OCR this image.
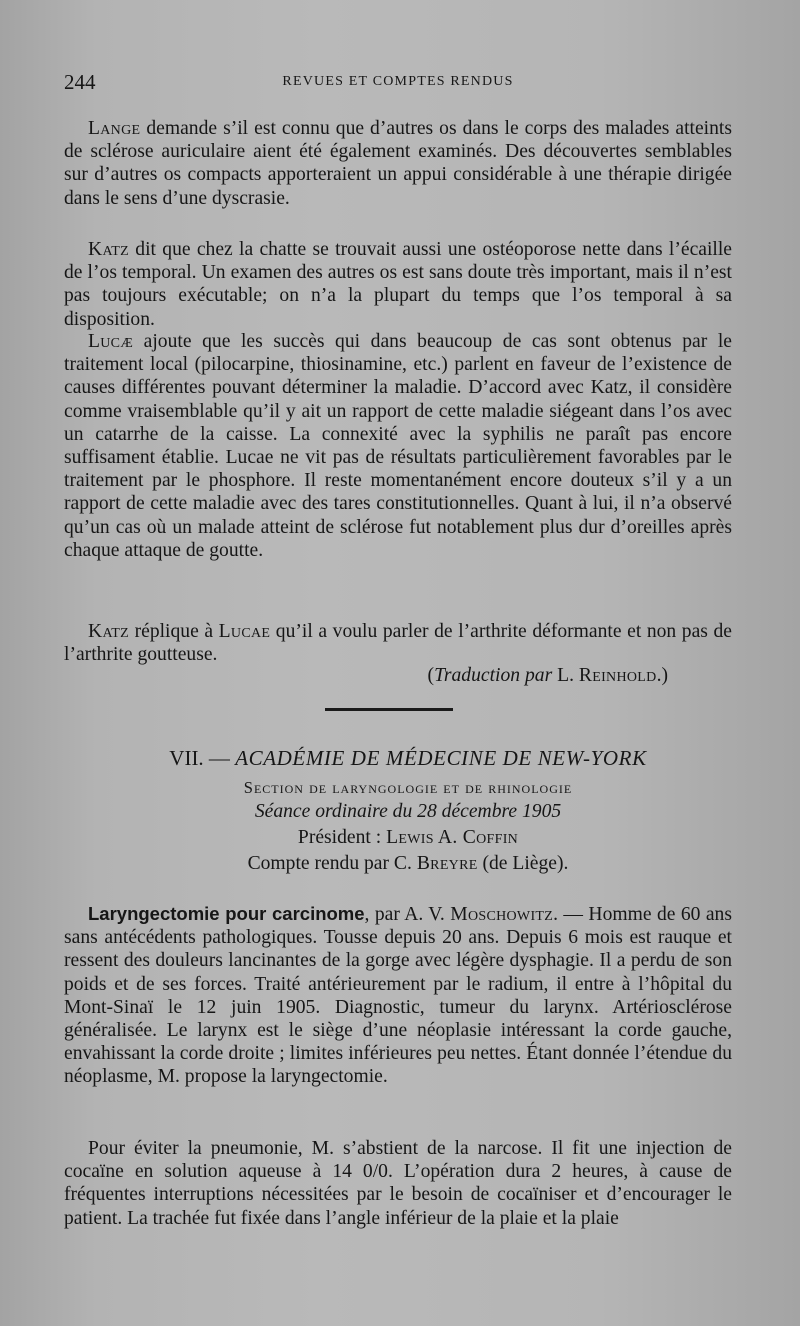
244	REVUES ET COMPTES RENDUS

Lange demande s’il est connu que d’autres os dans le corps des malades atteints de sclérose auriculaire aient été également examinés. Des découvertes semblables sur d’autres os compacts apporteraient un appui considérable à une thérapie dirigée dans le sens d’une dyscrasie.

Katz dit que chez la chatte se trouvait aussi une ostéoporose nette dans l’écaille de l’os temporal. Un examen des autres os est sans doute très important, mais il n’est pas toujours exécutable; on n’a la plupart du temps que l’os temporal à sa disposition.

Lucæ ajoute que les succès qui dans beaucoup de cas sont obtenus par le traitement local (pilocarpine, thiosinamine, etc.) parlent en faveur de l’existence de causes différentes pouvant déterminer la maladie. D’accord avec Katz, il considère comme vraisemblable qu’il y ait un rapport de cette maladie siégeant dans l’os avec un catarrhe de la caisse. La connexité avec la syphilis ne paraît pas encore suffisament établie. Lucae ne vit pas de résultats particulièrement favorables par le traitement par le phosphore. Il reste momentanément encore douteux s’il y a un rapport de cette maladie avec des tares constitutionnelles. Quant à lui, il n’a observé qu’un cas où un malade atteint de sclérose fut notablement plus dur d’oreilles après chaque attaque de goutte.

Katz réplique à Lucae qu’il a voulu parler de l’arthrite déformante et non pas de l’arthrite goutteuse.

(Traduction par L. Reinhold.)

VII. — ACADÉMIE DE MÉDECINE DE NEW-YORK

Section de laryngologie et de rhinologie

Séance ordinaire du 28 décembre 1905

Président : Lewis A. Coffin

Compte rendu par C. Breyre (de Liège).

Laryngectomie pour carcinome, par A. V. Moschowitz. — Homme de 60 ans sans antécédents pathologiques. Tousse depuis 20 ans. Depuis 6 mois est rauque et ressent des douleurs lancinantes de la gorge avec légère dysphagie. Il a perdu de son poids et de ses forces. Traité antérieurement par le radium, il entre à l’hôpital du Mont-Sinaï le 12 juin 1905. Diagnostic, tumeur du larynx. Artériosclérose généralisée. Le larynx est le siège d’une néoplasie intéressant la corde gauche, envahissant la corde droite ; limites inférieures peu nettes. Étant donnée l’étendue du néoplasme, M. propose la laryngectomie.

Pour éviter la pneumonie, M. s’abstient de la narcose. Il fit une injection de cocaïne en solution aqueuse à 14 0/0. L’opération dura 2 heures, à cause de fréquentes interruptions nécessitées par le besoin de cocaïniser et d’encourager le patient. La trachée fut fixée dans l’angle inférieur de la plaie et la plaie
